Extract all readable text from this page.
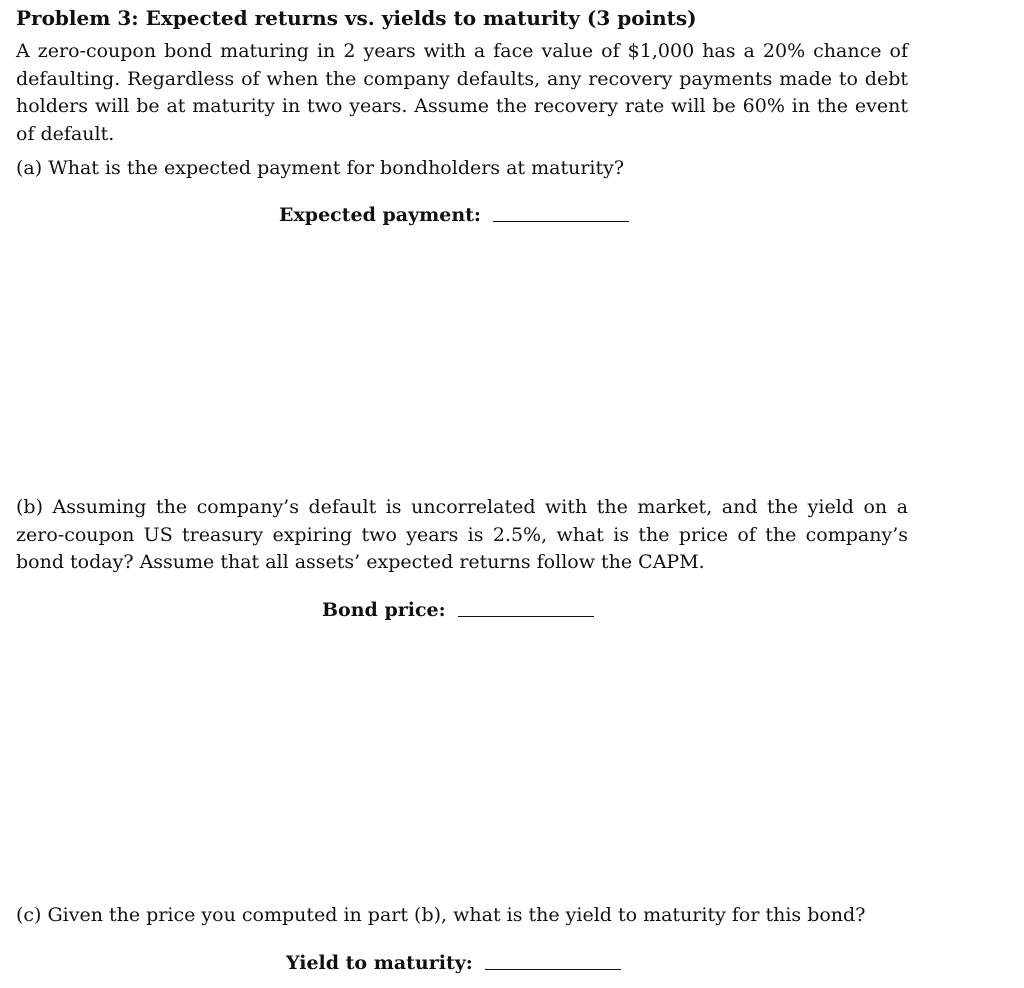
Problem 3: Expected returns vs. yields to maturity (3 points)
A zero-coupon bond maturing in 2 years with a face value of $1,000 has a 20% chance of defaulting. Regardless of when the company defaults, any recovery payments made to debt holders will be at maturity in two years. Assume the recovery rate will be 60% in the event of default.
(a) What is the expected payment for bondholders at maturity?
Expected payment:
(b) Assuming the company’s default is uncorrelated with the market, and the yield on a zero-coupon US treasury expiring two years is 2.5%, what is the price of the company’s bond today? Assume that all assets’ expected returns follow the CAPM.
Bond price:
(c) Given the price you computed in part (b), what is the yield to maturity for this bond?
Yield to maturity:
